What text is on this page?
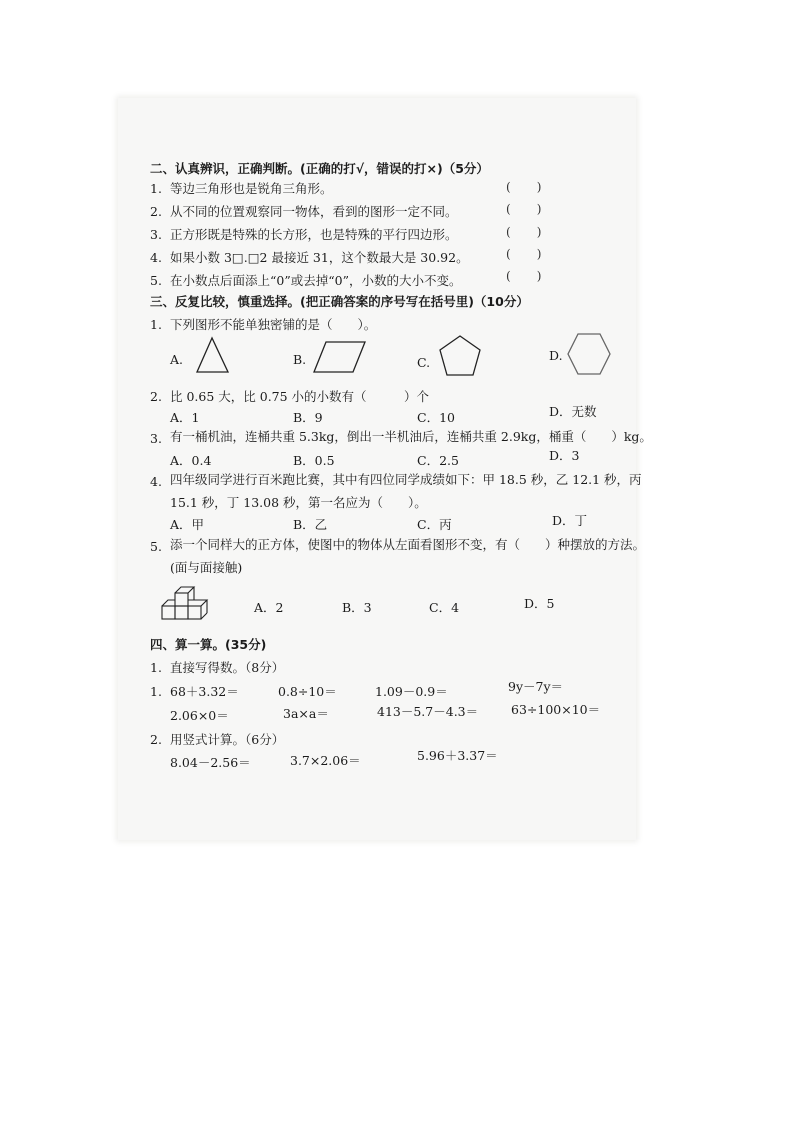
二、认真辨识，正确判断。(正确的打√，错误的打×)（5分）
1. 等边三角形也是锐角三角形。	( )
2. 从不同的位置观察同一物体，看到的图形一定不同。	( )
3. 正方形既是特殊的长方形，也是特殊的平行四边形。	( )
4. 如果小数 3□.□2 最接近 31，这个数最大是 30.92。	( )
5. 在小数点后面添上“0”或去掉“0”，小数的大小不变。	( )
三、反复比较，慎重选择。(把正确答案的序号写在括号里)（10分）
1. 下列图形不能单独密铺的是（　　）。
A.	B.	C.	D.
2. 比 0.65 大，比 0.75 小的小数有（　　　）个
A．1	B．9	C．10	D．无数
3. 有一桶机油，连桶共重 5.3kg，倒出一半机油后，连桶共重 2.9kg，桶重（　　）kg。
A．0.4	B．0.5	C．2.5	D．3
4. 四年级同学进行百米跑比赛，其中有四位同学成绩如下：甲 18.5 秒，乙 12.1 秒，丙
15.1 秒，丁 13.08 秒，第一名应为（　　）。
A．甲	B．乙	C．丙	D．丁
5. 添一个同样大的正方体，使图中的物体从左面看图形不变，有（　　）种摆放的方法。
(面与面接触)
A．2	B．3	C．4	D．5
四、算一算。(35分)
1. 直接写得数。（8分）
1. 68＋3.32＝	0.8÷10＝	1.09－0.9＝	9y－7y＝
2.06×0＝	3a×a＝	413－5.7－4.3＝	63÷100×10＝
2. 用竖式计算。（6分）
8.04－2.56＝	3.7×2.06＝	5.96＋3.37＝
